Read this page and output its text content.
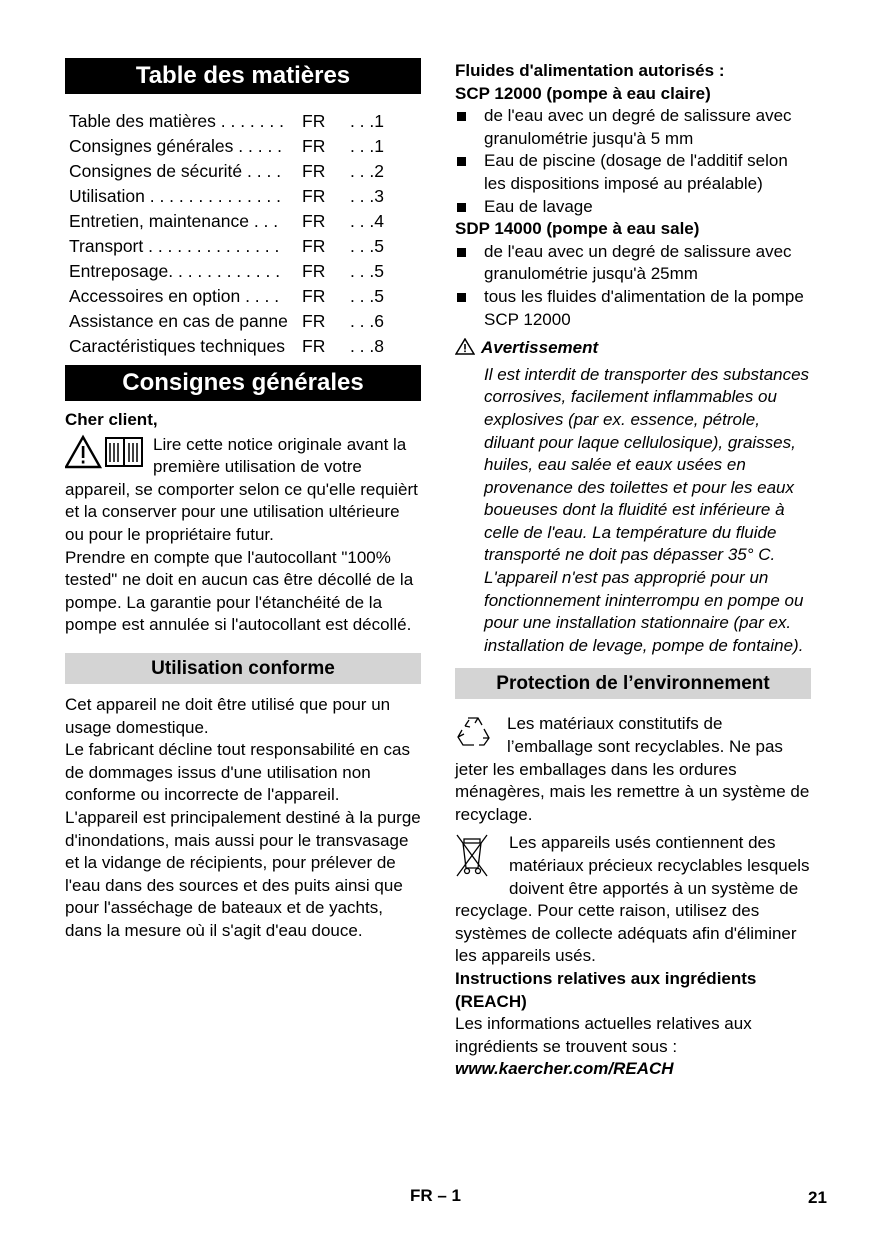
Table des matières
Table des matières . . . . . . .	FR	. . .1
Consignes générales . . . . .	FR	. . .1
Consignes de sécurité . . . .	FR	. . .2
Utilisation . . . . . . . . . . . . . .	FR	. . .3
Entretien, maintenance . . .	FR	. . .4
Transport . . . . . . . . . . . . . .	FR	. . .5
Entreposage. . . . . . . . . . . .	FR	. . .5
Accessoires en option . . . .	FR	. . .5
Assistance en cas de panne FR	. . .6
Caractéristiques techniques FR	. . .8
Consignes générales

Cher client,

Lire cette notice originale avant la première utilisation de votre appareil, se comporter selon ce qu'elle requièrt et la conserver pour une utilisation ultérieure ou pour le propriétaire futur.

Prendre en compte que l'autocollant "100% tested" ne doit en aucun cas être décollé de la pompe. La garantie pour l'étanchéité de la pompe est annulée si l'autocollant est décollé.

Utilisation conforme

Cet appareil ne doit être utilisé que pour un usage domestique.

Le fabricant décline tout responsabilité en cas de dommages issus d'une utilisation non conforme ou incorrecte de l'appareil.

L'appareil est principalement destiné à la purge d'inondations, mais aussi pour le transvasage et la vidange de récipients, pour prélever de l'eau dans des sources et des puits ainsi que pour l'asséchage de bateaux et de yachts, dans la mesure où il s'agit d'eau douce.

Fluides d'alimentation autorisés :

SCP 12000 (pompe à eau claire)

de l'eau avec un degré de salissure avec granulométrie jusqu'à 5 mm
Eau de piscine (dosage de l'additif selon les dispositions imposé au préalable)
Eau de lavage

SDP 14000 (pompe à eau sale)

de l'eau avec un degré de salissure avec granulométrie jusqu'à 25mm
tous les fluides d'alimentation de la pompe SCP 12000
Avertissement
Il est interdit de transporter des substances corrosives, facilement inflammables ou explosives (par ex. essence, pétrole, diluant pour laque cellulosique), graisses, huiles, eau salée et eaux usées en provenance des toilettes et pour les eaux boueuses dont la fluidité est inférieure à celle de l'eau. La température du fluide transporté ne doit pas dépasser 35° C.
L'appareil n'est pas approprié pour un fonctionnement ininterrompu en pompe ou pour une installation stationnaire (par ex. installation de levage, pompe de fontaine).
Protection de l’environnement

Les matériaux constitutifs de l’emballage sont recyclables. Ne pas jeter les emballages dans les ordures ménagères, mais les remettre à un système de recyclage.

Les appareils usés contiennent des matériaux précieux recyclables lesquels doivent être apportés à un système de recyclage. Pour cette raison, utilisez des systèmes de collecte adéquats afin d'éliminer les appareils usés.

Instructions relatives aux ingrédients (REACH)

Les informations actuelles relatives aux ingrédients se trouvent sous :

www.kaercher.com/REACH

FR – 1	21
